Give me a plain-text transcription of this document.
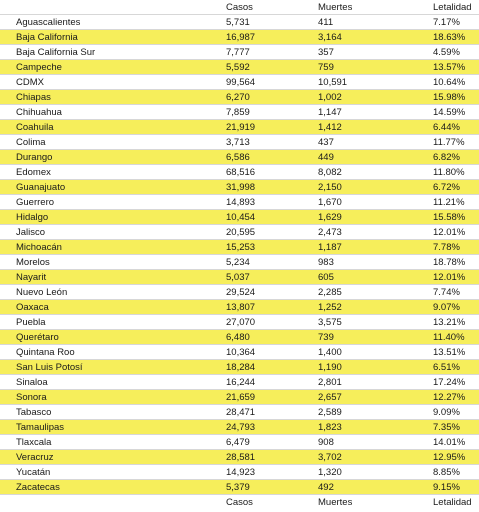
Casos	Muertes	Letalidad
Aguascalientes	5,731	411	7.17%
Baja California	16,987	3,164	18.63%
Baja California Sur	7,777	357	4.59%
Campeche	5,592	759	13.57%
CDMX	99,564	10,591	10.64%
Chiapas	6,270	1,002	15.98%
Chihuahua	7,859	1,147	14.59%
Coahuila	21,919	1,412	6.44%
Colima	3,713	437	11.77%
Durango	6,586	449	6.82%
Edomex	68,516	8,082	11.80%
Guanajuato	31,998	2,150	6.72%
Guerrero	14,893	1,670	11.21%
Hidalgo	10,454	1,629	15.58%
Jalisco	20,595	2,473	12.01%
Michoacán	15,253	1,187	7.78%
Morelos	5,234	983	18.78%
Nayarit	5,037	605	12.01%
Nuevo León	29,524	2,285	7.74%
Oaxaca	13,807	1,252	9.07%
Puebla	27,070	3,575	13.21%
Querétaro	6,480	739	11.40%
Quintana Roo	10,364	1,400	13.51%
San Luis Potosí	18,284	1,190	6.51%
Sinaloa	16,244	2,801	17.24%
Sonora	21,659	2,657	12.27%
Tabasco	28,471	2,589	9.09%
Tamaulipas	24,793	1,823	7.35%
Tlaxcala	6,479	908	14.01%
Veracruz	28,581	3,702	12.95%
Yucatán	14,923	1,320	8.85%
Zacatecas	5,379	492	9.15%
Casos	Muertes	Letalidad
